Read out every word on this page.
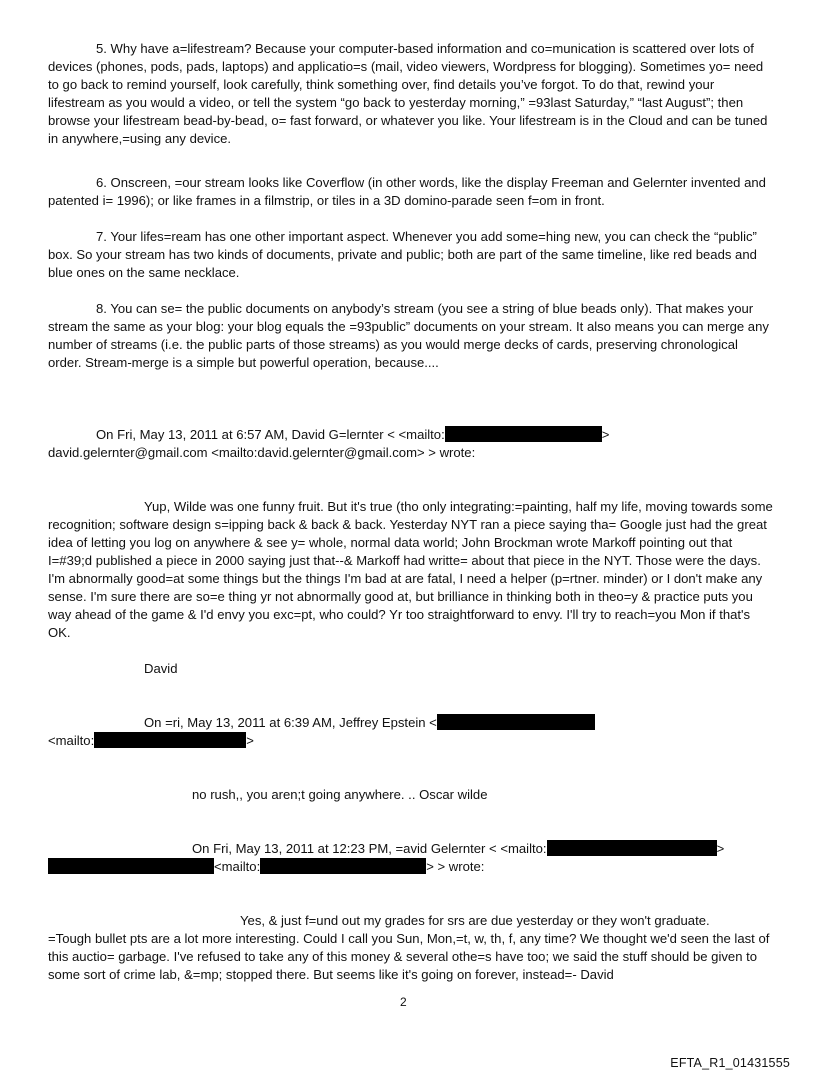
5. Why have a=lifestream? Because your computer-based information and co=munication is scattered over lots of devices (phones, pods, pads, laptops) and applicatio=s (mail, video viewers, Wordpress for blogging). Sometimes yo= need to go back to remind yourself, look carefully, think something over, find details you’ve forgot. To do that, rewind your lifestream as you would a video, or tell the system “go back to yesterday morning,” =93last Saturday,” “last August”; then browse your lifestream bead-by-bead, o= fast forward, or whatever you like. Your lifestream is in the Cloud and can be tuned in anywhere,=using any device.

6. Onscreen, =our stream looks like Coverflow (in other words, like the display Freeman and Gelernter invented and patented i= 1996); or like frames in a filmstrip, or tiles in a 3D domino-parade seen f=om in front.

7. Your lifes=ream has one other important aspect. Whenever you add some=hing new, you can check the “public” box. So your stream has two kinds of documents, private and public; both are part of the same timeline, like red beads and blue ones on the same necklace.

8. You can se= the public documents on anybody’s stream (you see a string of blue beads only). That makes your stream the same as your blog: your blog equals the =93public” documents on your stream. It also means you can merge any number of streams (i.e. the public parts of those streams) as you would merge decks of cards, preserving chronological order. Stream-merge is a simple but powerful operation, because....

On Fri, May 13, 2011 at 6:57 AM, David G=lernter < <mailto:	>
david.gelernter@gmail.com <mailto:david.gelernter@gmail.com> > wrote:

Yup, Wilde was one funny fruit. But it's true (tho only integrating:=painting, half my life, moving towards some recognition; software design s=ipping back & back & back. Yesterday NYT ran a piece saying tha= Google just had the great idea of letting you log on anywhere & see y= whole, normal data world; John Brockman wrote Markoff pointing out that I=#39;d published a piece in 2000 saying just that--& Markoff had writte= about that piece in the NYT. Those were the days. I'm abnormally good=at some things but the things I'm bad at are fatal, I need a helper (p=rtner. minder) or I don't make any sense. I'm sure there are so=e thing yr not abnormally good at, but brilliance in thinking both in theo=y & practice puts you way ahead of the game & I'd envy you exc=pt, who could? Yr too straightforward to envy. I'll try to reach=you Mon if that's OK.

David
On =ri, May 13, 2011 at 6:39 AM, Jeffrey Epstein <
<mailto:	>
no rush,, you aren;t going anywhere. .. Oscar wilde
On Fri, May 13, 2011 at 12:23 PM, =avid Gelernter < <mailto:	>
<mailto:	> > wrote:
Yes, & just f=und out my grades for srs are due yesterday or they won't graduate.

=Tough bullet pts are a lot more interesting. Could I call you Sun, Mon,=t, w, th, f, any time? We thought we'd seen the last of this auctio= garbage. I've refused to take any of this money & several othe=s have too; we said the stuff should be given to some sort of crime lab, &=mp; stopped there. But seems like it's going on forever, instead=- David

2
EFTA_R1_01431555
